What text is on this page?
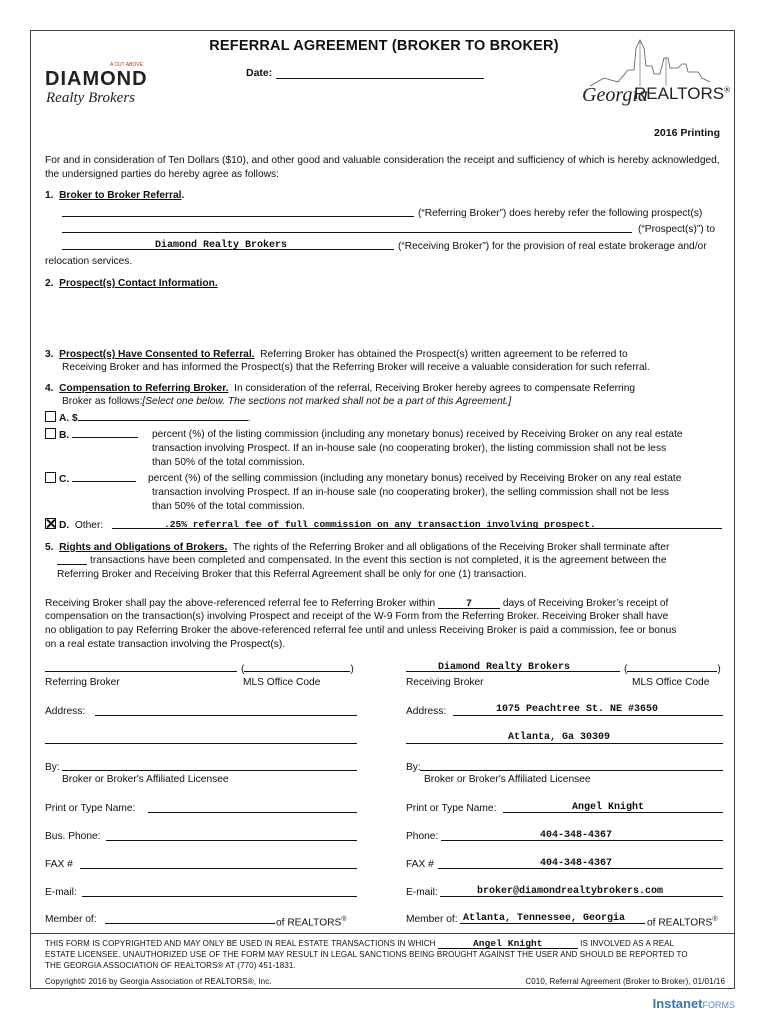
A CUT ABOVE
DIAMOND
Realty Brokers
REFERRAL AGREEMENT (BROKER TO BROKER)
Date:
Georgia
REALTORS®
2016 Printing
For and in consideration of Ten Dollars ($10), and other good and valuable consideration the receipt and sufficiency of which is hereby acknowledged, the undersigned parties do hereby agree as follows:
1. Broker to Broker Referral.
(“Referring Broker”) does hereby refer the following prospect(s)
(“Prospect(s)”) to
Diamond Realty Brokers	(“Receiving Broker”) for the provision of real estate brokerage and/or
relocation services.
2. Prospect(s) Contact Information.
3. Prospect(s) Have Consented to Referral. Referring Broker has obtained the Prospect(s) written agreement to be referred to
Receiving Broker and has informed the Prospect(s) that the Referring Broker will receive a valuable consideration for such referral.
4. Compensation to Referring Broker. In consideration of the referral, Receiving Broker hereby agrees to compensate Referring
Broker as follows:[Select one below. The sections not marked shall not be a part of this Agreement.]
A. $	.
B.	percent (%) of the listing commission (including any monetary bonus) received by Receiving Broker on any real estate
transaction involving Prospect. If an in-house sale (no cooperating broker), the listing commission shall not be less
than 50% of the total commission.
C.	percent (%) of the selling commission (including any monetary bonus) received by Receiving Broker on any real estate
transaction involving Prospect. If an in-house sale (no cooperating broker), the selling commission shall not be less
than 50% of the total commission.
D. Other:	.25% referral fee of full commission on any transaction involving prospect.
5. Rights and Obligations of Brokers. The rights of the Referring Broker and all obligations of the Receiving Broker shall terminate after
transactions have been completed and compensated. In the event this section is not completed, it is the agreement between the
Referring Broker and Receiving Broker that this Referral Agreement shall be only for one (1) transaction.
Receiving Broker shall pay the above-referenced referral fee to Referring Broker within	7	days of Receiving Broker’s receipt of
compensation on the transaction(s) involving Prospect and receipt of the W-9 Form from the Referring Broker. Receiving Broker shall have
no obligation to pay Referring Broker the above-referenced referral fee until and unless Receiving Broker is paid a commission, fee or bonus
on a real estate transaction involving the Prospect(s).
(	)
Referring Broker	MLS Office Code
Address:
By:
Broker or Broker's Affiliated Licensee
Print or Type Name:
Bus. Phone:
FAX #
E-mail:
Member of:	of REALTORS®
Diamond Realty Brokers	(	)
Receiving Broker	MLS Office Code
Address:	1075 Peachtree St. NE #3650
Atlanta, Ga 30309
By:
Broker or Broker's Affiliated Licensee
Print or Type Name:	Angel Knight
Phone:	404-348-4367
FAX #	404-348-4367
E-mail:	broker@diamondrealtybrokers.com
Member of: Atlanta, Tennessee, Georgia of REALTORS®
THIS FORM IS COPYRIGHTED AND MAY ONLY BE USED IN REAL ESTATE TRANSACTIONS IN WHICH	Angel Knight	IS INVOLVED AS A REAL
ESTATE LICENSEE. UNAUTHORIZED USE OF THE FORM MAY RESULT IN LEGAL SANCTIONS BEING BROUGHT AGAINST THE USER AND SHOULD BE REPORTED TO
THE GEORGIA ASSOCIATION OF REALTORS® AT (770) 451-1831.
Copyright© 2016 by Georgia Association of REALTORS®, Inc.	C010, Referral Agreement (Broker to Broker), 01/01/16
InstanetFORMS
